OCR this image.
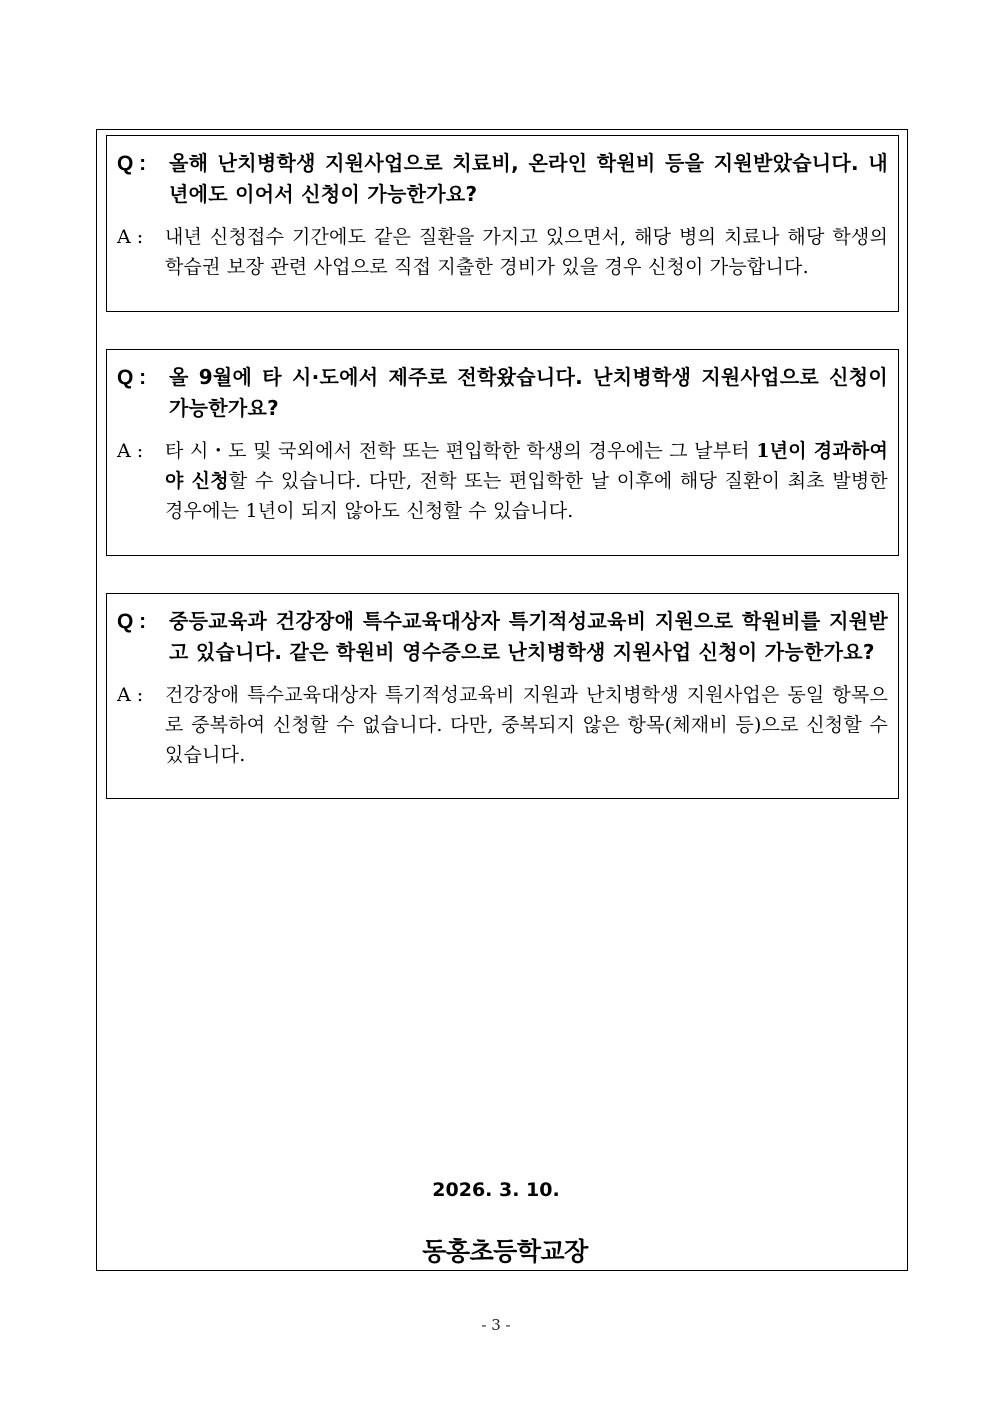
Q : 올해 난치병학생 지원사업으로 치료비, 온라인 학원비 등을 지원받았습니다. 내년에도 이어서 신청이 가능한가요?
A : 내년 신청접수 기간에도 같은 질환을 가지고 있으면서, 해당 병의 치료나 해당 학생의 학습권 보장 관련 사업으로 직접 지출한 경비가 있을 경우 신청이 가능합니다.
Q : 올 9월에 타 시·도에서 제주로 전학왔습니다. 난치병학생 지원사업으로 신청이 가능한가요?
A : 타 시・도 및 국외에서 전학 또는 편입학한 학생의 경우에는 그 날부터 1년이 경과하여야 신청할 수 있습니다. 다만, 전학 또는 편입학한 날 이후에 해당 질환이 최초 발병한 경우에는 1년이 되지 않아도 신청할 수 있습니다.
Q : 중등교육과 건강장애 특수교육대상자 특기적성교육비 지원으로 학원비를 지원받고 있습니다. 같은 학원비 영수증으로 난치병학생 지원사업 신청이 가능한가요?
A : 건강장애 특수교육대상자 특기적성교육비 지원과 난치병학생 지원사업은 동일 항목으로 중복하여 신청할 수 없습니다. 다만, 중복되지 않은 항목(체재비 등)으로 신청할 수 있습니다.
2026. 3. 10.
동홍초등학교장
- 3 -
